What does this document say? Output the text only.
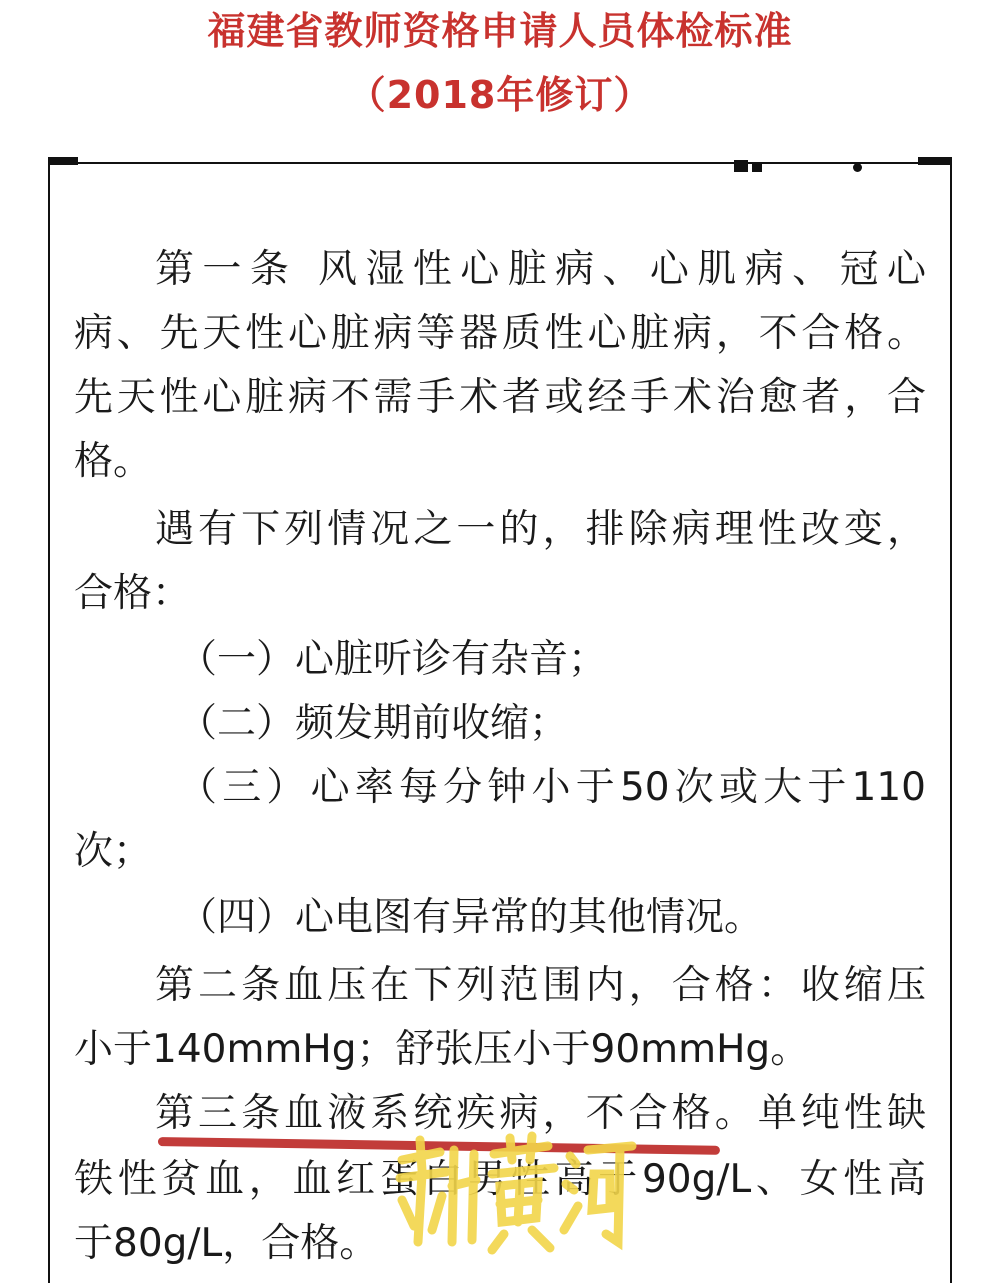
福建省教师资格申请人员体检标准
（2018年修订）
第一条 风湿性心脏病、心肌病、冠心
病、先天性心脏病等器质性心脏病，不合格。
先天性心脏病不需手术者或经手术治愈者，合
格。
遇有下列情况之一的，排除病理性改变，
合格：
（一）心脏听诊有杂音；
（二）频发期前收缩；
（三）心率每分钟小于50次或大于110
次；
（四）心电图有异常的其他情况。
第二条血压在下列范围内，合格：收缩压
小于140mmHg；舒张压小于90mmHg。
第三条血液系统疾病，不合格。单纯性缺
铁性贫血，血红蛋白男性高于90g/L、女性高
于80g/L，合格。
